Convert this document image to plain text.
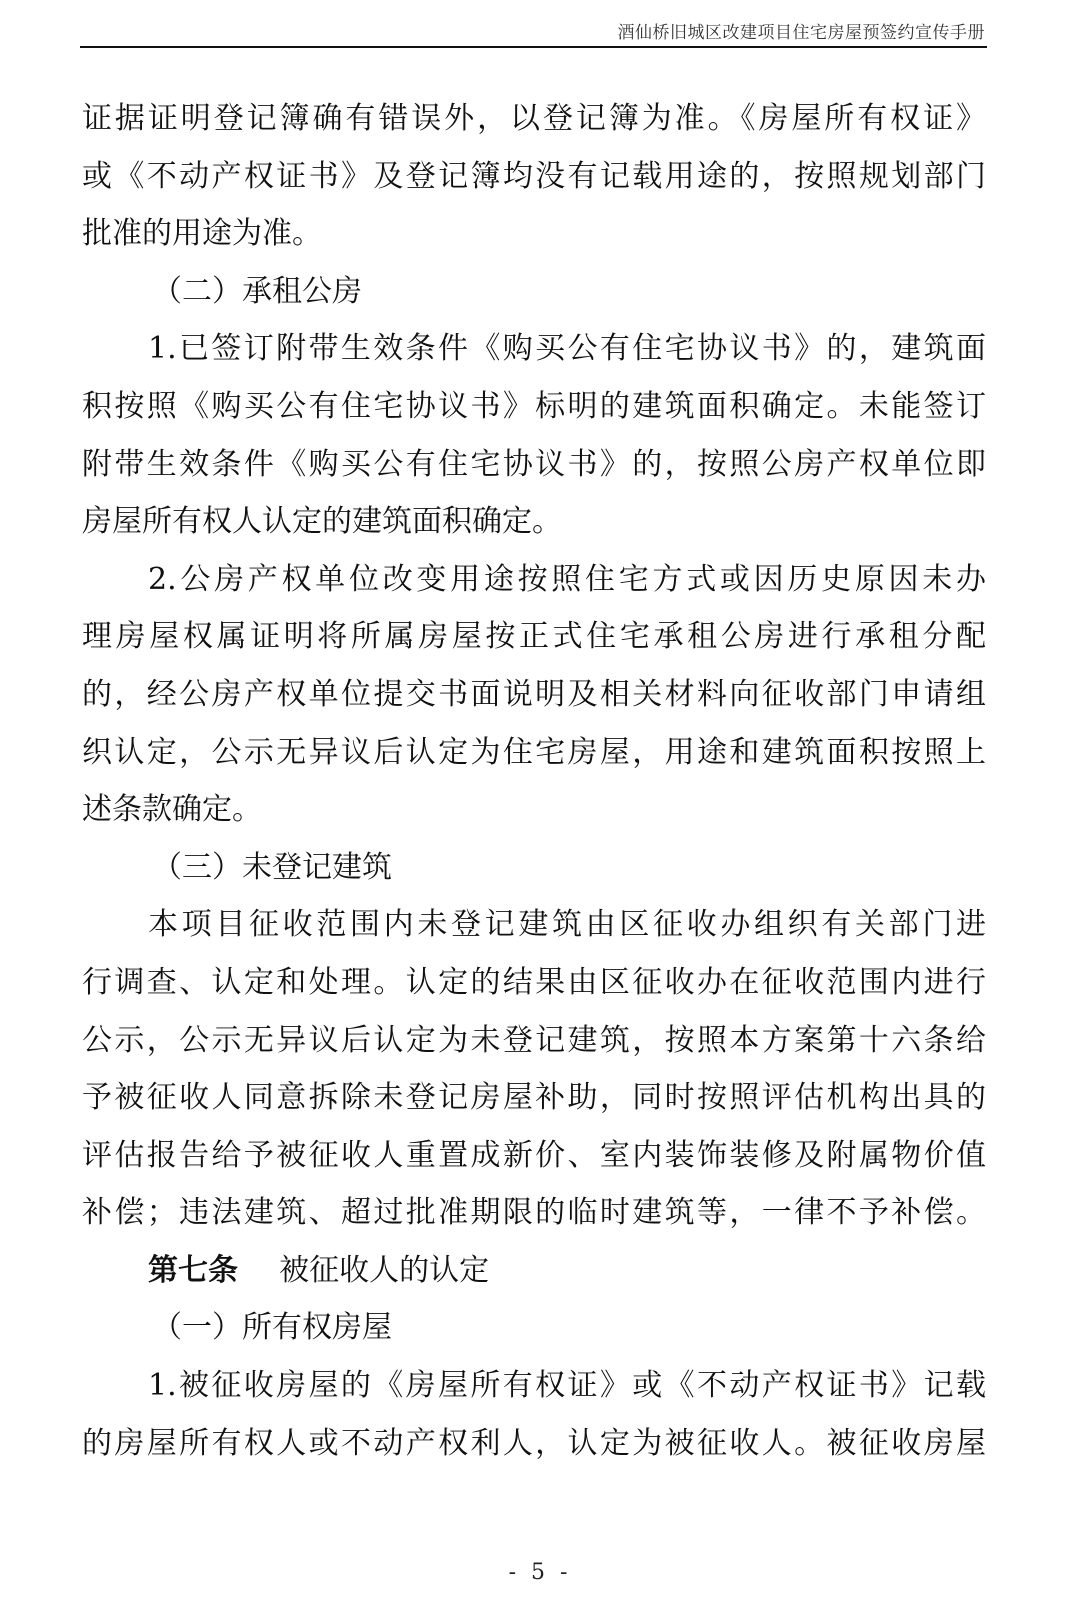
酒仙桥旧城区改建项目住宅房屋预签约宣传手册
证据证明登记簿确有错误外，以登记簿为准。《房屋所有权证》
或《不动产权证书》及登记簿均没有记载用途的，按照规划部门
批准的用途为准。
（二）承租公房
1.已签订附带生效条件《购买公有住宅协议书》的，建筑面
积按照《购买公有住宅协议书》标明的建筑面积确定。未能签订
附带生效条件《购买公有住宅协议书》的，按照公房产权单位即
房屋所有权人认定的建筑面积确定。
2.公房产权单位改变用途按照住宅方式或因历史原因未办
理房屋权属证明将所属房屋按正式住宅承租公房进行承租分配
的，经公房产权单位提交书面说明及相关材料向征收部门申请组
织认定，公示无异议后认定为住宅房屋，用途和建筑面积按照上
述条款确定。
（三）未登记建筑
本项目征收范围内未登记建筑由区征收办组织有关部门进
行调查、认定和处理。认定的结果由区征收办在征收范围内进行
公示，公示无异议后认定为未登记建筑，按照本方案第十六条给
予被征收人同意拆除未登记房屋补助，同时按照评估机构出具的
评估报告给予被征收人重置成新价、室内装饰装修及附属物价值
补偿；违法建筑、超过批准期限的临时建筑等，一律不予补偿。
第七条 被征收人的认定
（一）所有权房屋
1.被征收房屋的《房屋所有权证》或《不动产权证书》记载
的房屋所有权人或不动产权利人，认定为被征收人。被征收房屋
- 5 -
